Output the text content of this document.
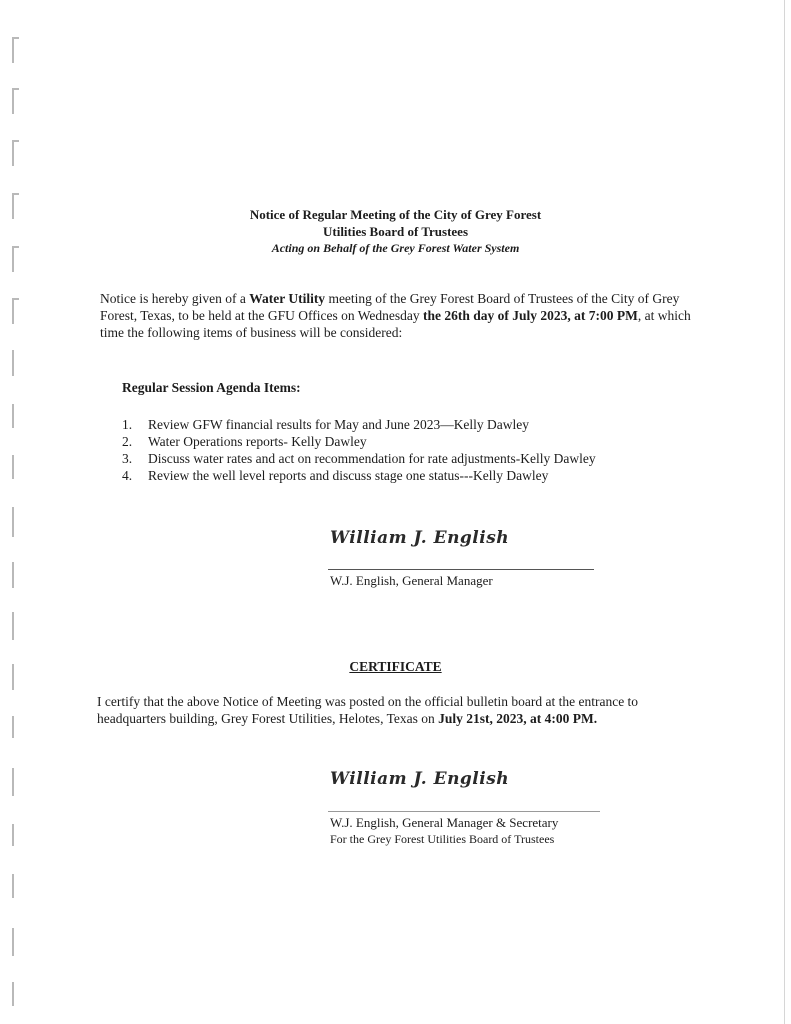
Notice of Regular Meeting of the City of Grey Forest
Utilities Board of Trustees
Acting on Behalf of the Grey Forest Water System
Notice is hereby given of a Water Utility meeting of the Grey Forest Board of Trustees of the City of Grey Forest, Texas, to be held at the GFU Offices on Wednesday the 26th day of July 2023, at 7:00 PM, at which time the following items of business will be considered:
Regular Session Agenda Items:
1.	Review GFW financial results for May and June 2023—Kelly Dawley
2.	Water Operations reports- Kelly Dawley
3.	Discuss water rates and act on recommendation for rate adjustments-Kelly Dawley
4.	Review the well level reports and discuss stage one status---Kelly Dawley
William J. English
W.J. English, General Manager
CERTIFICATE
I certify that the above Notice of Meeting was posted on the official bulletin board at the entrance to headquarters building, Grey Forest Utilities, Helotes, Texas on July 21st, 2023, at 4:00 PM.
William J. English
W.J. English, General Manager & Secretary
For the Grey Forest Utilities Board of Trustees
